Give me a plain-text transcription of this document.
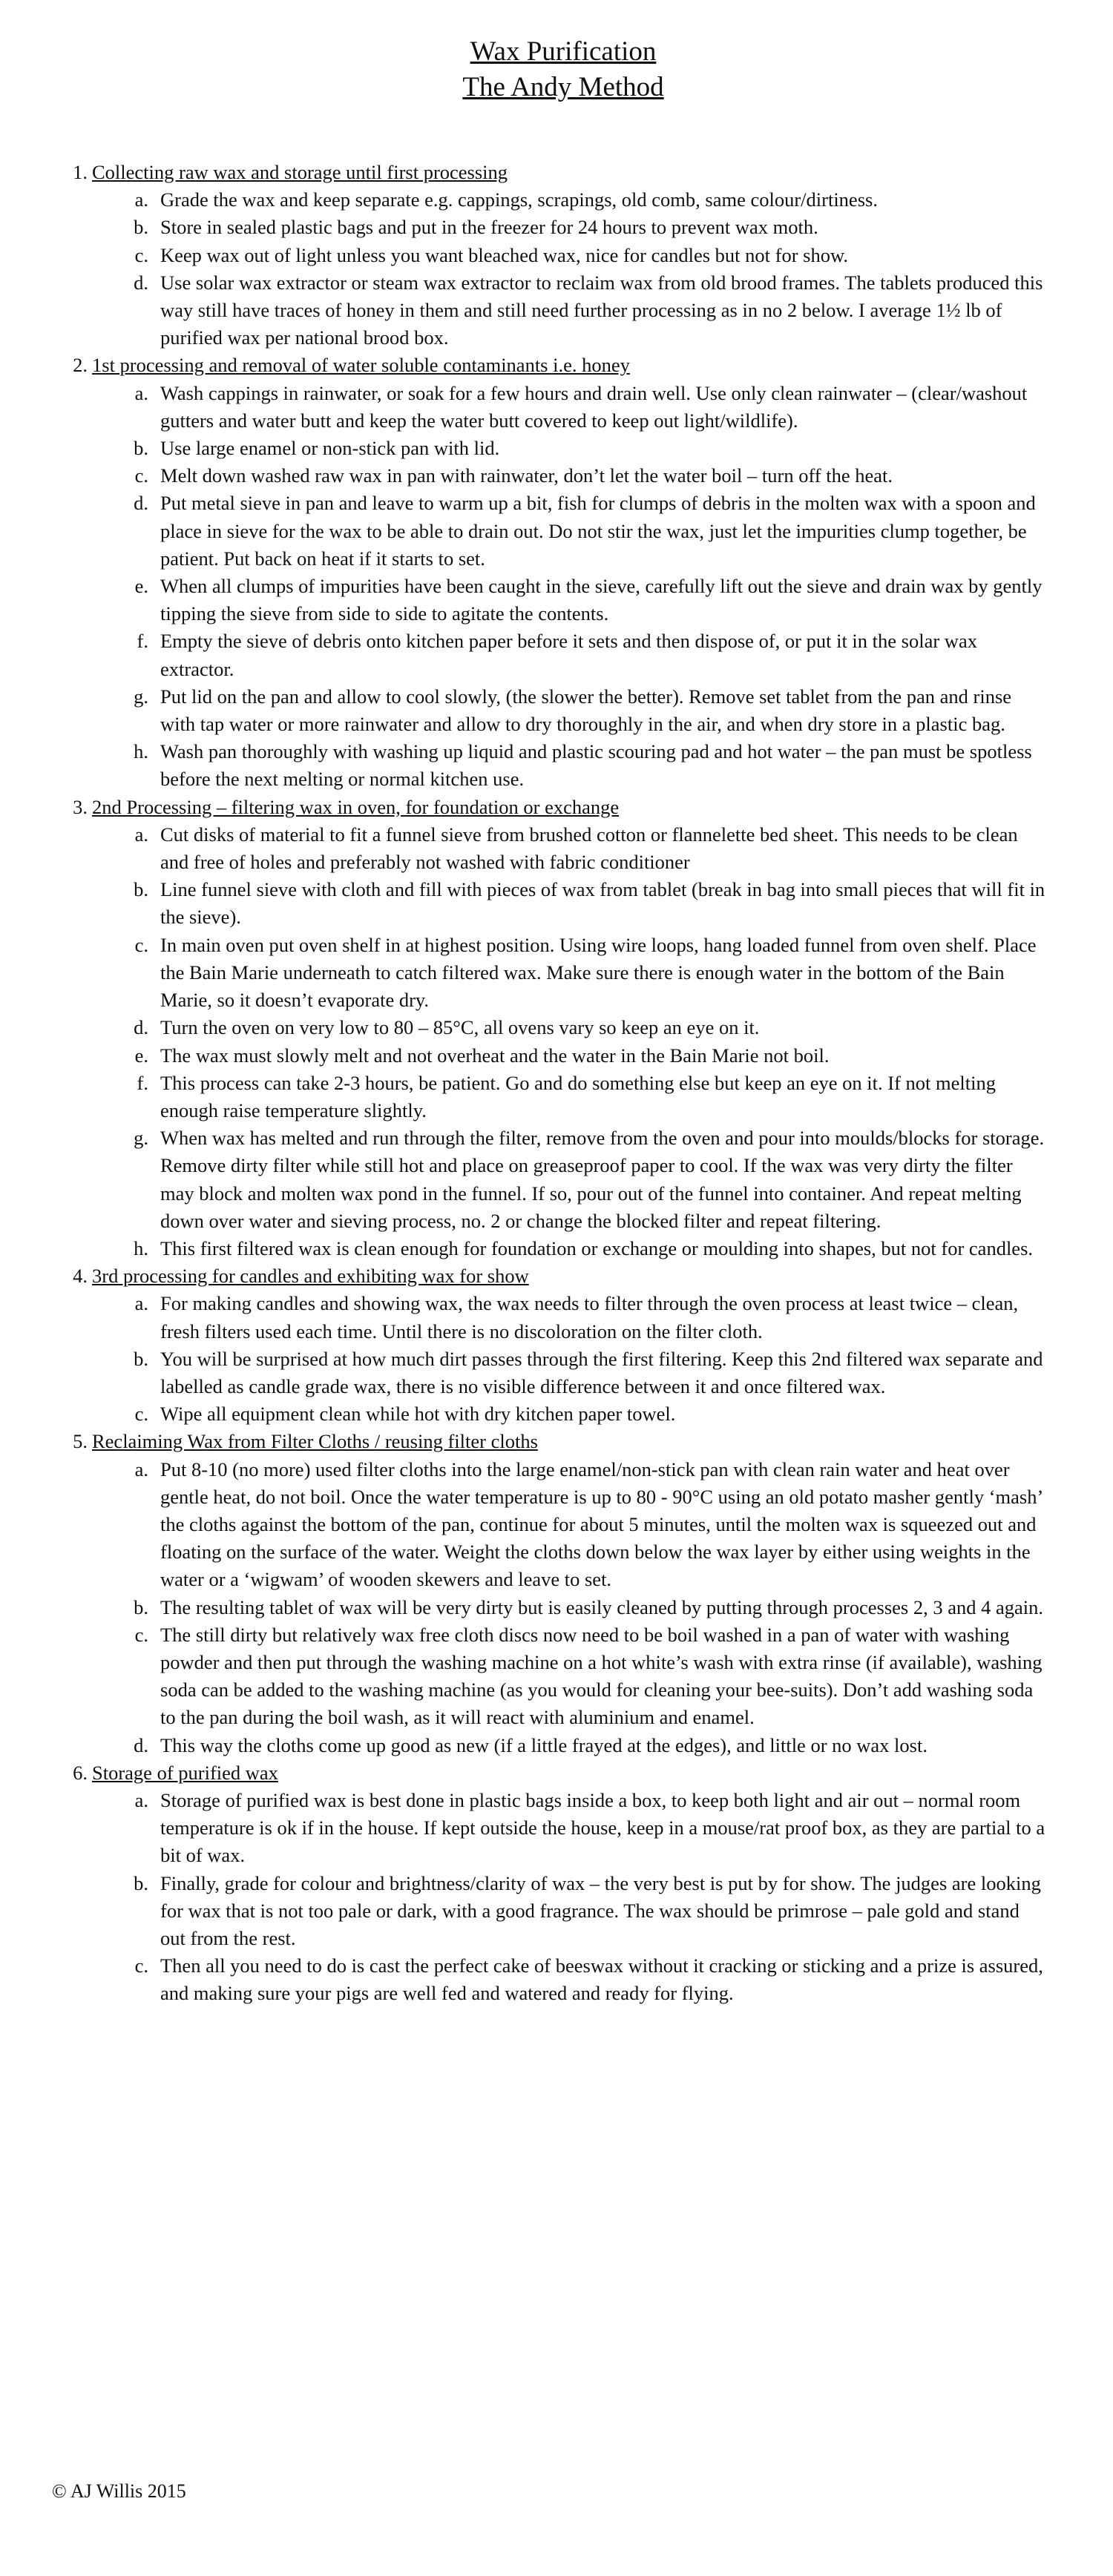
Wax Purification
The Andy Method
1. Collecting raw wax and storage until first processing
a. Grade the wax and keep separate e.g. cappings, scrapings, old comb, same colour/dirtiness.
b. Store in sealed plastic bags and put in the freezer for 24 hours to prevent wax moth.
c. Keep wax out of light unless you want bleached wax, nice for candles but not for show.
d. Use solar wax extractor or steam wax extractor to reclaim wax from old brood frames. The tablets produced this way still have traces of honey in them and still need further processing as in no 2 below. I average 1½ lb of purified wax per national brood box.
2. 1st processing and removal of water soluble contaminants i.e. honey
a. Wash cappings in rainwater, or soak for a few hours and drain well. Use only clean rainwater – (clear/washout gutters and water butt and keep the water butt covered to keep out light/wildlife).
b. Use large enamel or non-stick pan with lid.
c. Melt down washed raw wax in pan with rainwater, don’t let the water boil – turn off the heat.
d. Put metal sieve in pan and leave to warm up a bit, fish for clumps of debris in the molten wax with a spoon and place in sieve for the wax to be able to drain out. Do not stir the wax, just let the impurities clump together, be patient. Put back on heat if it starts to set.
e. When all clumps of impurities have been caught in the sieve, carefully lift out the sieve and drain wax by gently tipping the sieve from side to side to agitate the contents.
f. Empty the sieve of debris onto kitchen paper before it sets and then dispose of, or put it in the solar wax extractor.
g. Put lid on the pan and allow to cool slowly, (the slower the better). Remove set tablet from the pan and rinse with tap water or more rainwater and allow to dry thoroughly in the air, and when dry store in a plastic bag.
h. Wash pan thoroughly with washing up liquid and plastic scouring pad and hot water – the pan must be spotless before the next melting or normal kitchen use.
3. 2nd Processing – filtering wax in oven, for foundation or exchange
a. Cut disks of material to fit a funnel sieve from brushed cotton or flannelette bed sheet. This needs to be clean and free of holes and preferably not washed with fabric conditioner
b. Line funnel sieve with cloth and fill with pieces of wax from tablet (break in bag into small pieces that will fit in the sieve).
c. In main oven put oven shelf in at highest position. Using wire loops, hang loaded funnel from oven shelf. Place the Bain Marie underneath to catch filtered wax. Make sure there is enough water in the bottom of the Bain Marie, so it doesn’t evaporate dry.
d. Turn the oven on very low to 80 – 85°C, all ovens vary so keep an eye on it.
e. The wax must slowly melt and not overheat and the water in the Bain Marie not boil.
f. This process can take 2-3 hours, be patient. Go and do something else but keep an eye on it. If not melting enough raise temperature slightly.
g. When wax has melted and run through the filter, remove from the oven and pour into moulds/blocks for storage. Remove dirty filter while still hot and place on greaseproof paper to cool. If the wax was very dirty the filter may block and molten wax pond in the funnel. If so, pour out of the funnel into container. And repeat melting down over water and sieving process, no. 2 or change the blocked filter and repeat filtering.
h. This first filtered wax is clean enough for foundation or exchange or moulding into shapes, but not for candles.
4. 3rd processing for candles and exhibiting wax for show
a. For making candles and showing wax, the wax needs to filter through the oven process at least twice – clean, fresh filters used each time. Until there is no discoloration on the filter cloth.
b. You will be surprised at how much dirt passes through the first filtering. Keep this 2nd filtered wax separate and labelled as candle grade wax, there is no visible difference between it and once filtered wax.
c. Wipe all equipment clean while hot with dry kitchen paper towel.
5. Reclaiming Wax from Filter Cloths / reusing filter cloths
a. Put 8-10 (no more) used filter cloths into the large enamel/non-stick pan with clean rain water and heat over gentle heat, do not boil. Once the water temperature is up to 80 - 90°C using an old potato masher gently ‘mash’ the cloths against the bottom of the pan, continue for about 5 minutes, until the molten wax is squeezed out and floating on the surface of the water. Weight the cloths down below the wax layer by either using weights in the water or a ‘wigwam’ of wooden skewers and leave to set.
b. The resulting tablet of wax will be very dirty but is easily cleaned by putting through processes 2, 3 and 4 again.
c. The still dirty but relatively wax free cloth discs now need to be boil washed in a pan of water with washing powder and then put through the washing machine on a hot white’s wash with extra rinse (if available), washing soda can be added to the washing machine (as you would for cleaning your bee-suits). Don’t add washing soda to the pan during the boil wash, as it will react with aluminium and enamel.
d. This way the cloths come up good as new (if a little frayed at the edges), and little or no wax lost.
6. Storage of purified wax
a. Storage of purified wax is best done in plastic bags inside a box, to keep both light and air out – normal room temperature is ok if in the house. If kept outside the house, keep in a mouse/rat proof box, as they are partial to a bit of wax.
b. Finally, grade for colour and brightness/clarity of wax – the very best is put by for show. The judges are looking for wax that is not too pale or dark, with a good fragrance. The wax should be primrose – pale gold and stand out from the rest.
c. Then all you need to do is cast the perfect cake of beeswax without it cracking or sticking and a prize is assured, and making sure your pigs are well fed and watered and ready for flying.
© AJ Willis 2015
